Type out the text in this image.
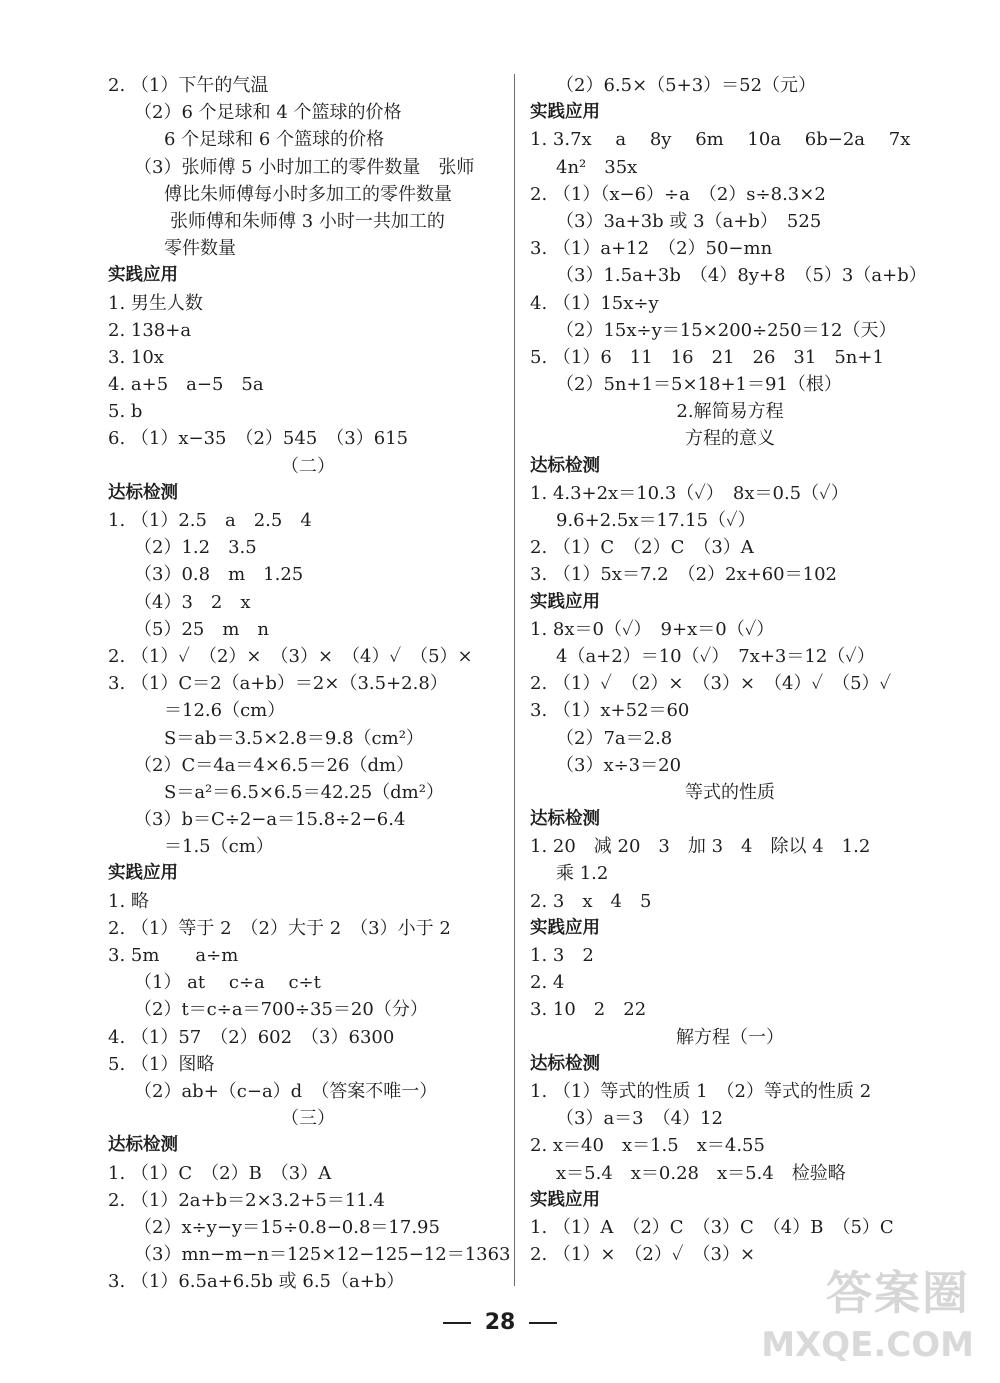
2. （1）下午的气温
（2）6 个足球和 4 个篮球的价格
6 个足球和 6 个篮球的价格
（3）张师傅 5 小时加工的零件数量　张师
傅比朱师傅每小时多加工的零件数量
张师傅和朱师傅 3 小时一共加工的
零件数量
实践应用
1. 男生人数
2. 138+a
3. 10x
4. a+5　a−5　5a
5. b
6. （1）x−35　（2）545　（3）615
（二）
达标检测
1. （1）2.5　a　2.5　4
（2）1.2　3.5
（3）0.8　m　1.25
（4）3　2　x
（5）25　m　n
2. （1）✓　（2）×　（3）×　（4）✓　（5）×
3. （1）C＝2（a+b）＝2×（3.5+2.8）
＝12.6（cm）
S＝ab＝3.5×2.8＝9.8（cm²）
（2）C＝4a＝4×6.5＝26（dm）
S＝a²＝6.5×6.5＝42.25（dm²）
（3）b＝C÷2−a＝15.8÷2−6.4
＝1.5（cm）
实践应用
1. 略
2. （1）等于 2　（2）大于 2　（3）小于 2
3. 5m　　a÷m
（1） at　 c÷a　 c÷t
（2）t＝c÷a＝700÷35＝20（分）
4. （1）57　（2）602　（3）6300
5. （1）图略
（2）ab+（c−a）d　（答案不唯一）
（三）
达标检测
1. （1）C　（2）B　（3）A
2. （1）2a+b＝2×3.2+5＝11.4
（2）x÷y−y＝15÷0.8−0.8＝17.95
（3）mn−m−n＝125×12−125−12＝1363
3. （1）6.5a+6.5b 或 6.5（a+b）
（2）6.5×（5+3）＝52（元）
实践应用
1. 3.7x　 a　 8y　 6m　 10a　 6b−2a　 7x
4n²　35x
2. （1）（x−6）÷a　（2）s÷8.3×2
（3）3a+3b 或 3（a+b）　525
3. （1）a+12　（2）50−mn
（3）1.5a+3b　（4）8y+8　（5）3（a+b）
4. （1）15x÷y
（2）15x÷y＝15×200÷250＝12（天）
5. （1）6　11　16　21　26　31　5n+1
（2）5n+1＝5×18+1＝91（根）
2.解简易方程
方程的意义
达标检测
1. 4.3+2x＝10.3（✓）　8x＝0.5（✓）
9.6+2.5x＝17.15（✓）
2. （1）C　（2）C　（3）A
3. （1）5x＝7.2　（2）2x+60＝102
实践应用
1. 8x＝0（✓）　9+x＝0（✓）
4（a+2）＝10（✓）　7x+3＝12（✓）
2. （1）✓　（2）×　（3）×　（4）✓　（5）✓
3. （1）x+52＝60
（2）7a＝2.8
（3）x÷3＝20
等式的性质
达标检测
1. 20　减 20　3　加 3　4　除以 4　1.2
乘 1.2
2. 3　x　4　5
实践应用
1. 3　2
2. 4
3. 10　2　22
解方程（一）
达标检测
1. （1）等式的性质 1　（2）等式的性质 2
（3）a＝3　（4）12
2. x＝40　x＝1.5　x＝4.55
x＝5.4　x＝0.28　x＝5.4　检验略
实践应用
1. （1）A　（2）C　（3）C　（4）B　（5）C
2. （1）×　（2）✓　（3）×
28
答案圈
MXQE.COM
